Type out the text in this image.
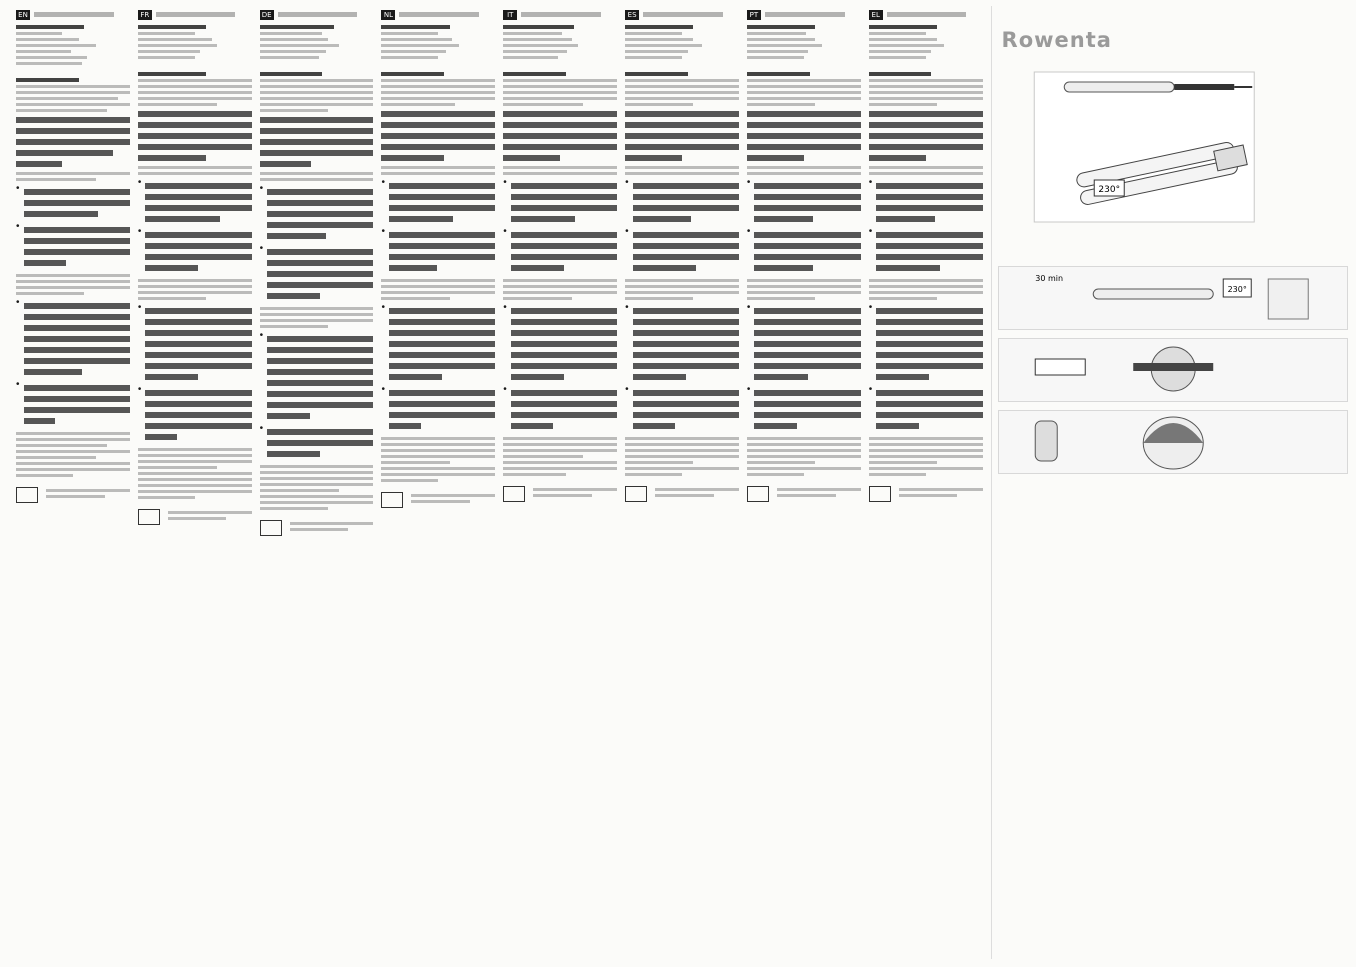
EN
•
•
•
•	FR
•
•
•
•	DE
•
•
•
•	NL
•
•
•
•	IT
•
•
•
•	ES
•
•
•
•	PT
•
•
•
•	EL
•
•
•
•
Rowenta
230°
30 min
230°
